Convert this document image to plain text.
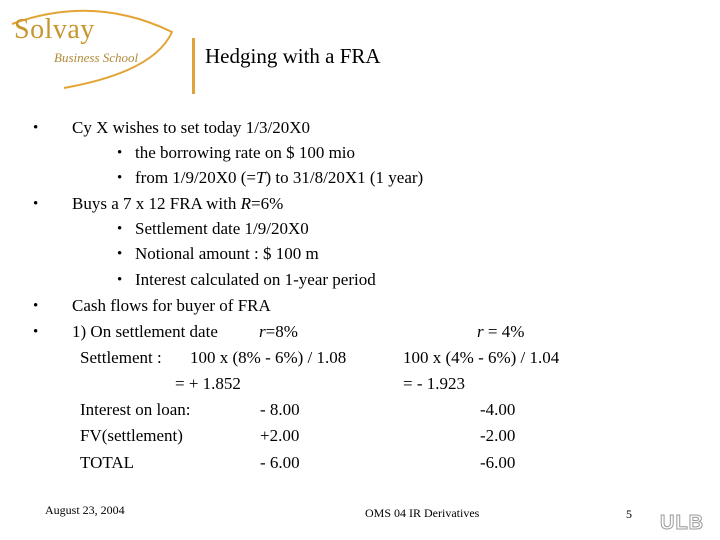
Solvay
Business School	Hedging with a FRA
• Cy X wishes to set today 1/3/20X0
• the borrowing rate on $ 100 mio
• from 1/9/20X0 (=T) to 31/8/20X1 (1 year)
• Buys a 7 x 12 FRA with R=6%
• Settlement date 1/9/20X0
• Notional amount : $ 100 m
• Interest calculated on 1-year period
• Cash flows for buyer of FRA
• 1) On settlement date r=8%	r = 4%
Settlement : 100 x (8% - 6%) / 1.08	100 x (4% - 6%) / 1.04
= + 1.852	= - 1.923
Interest on loan:	- 8.00	-4.00
FV(settlement)	+2.00	-2.00
TOTAL	- 6.00	-6.00
August 23, 2004	OMS 04 IR Derivatives	5 ULB
